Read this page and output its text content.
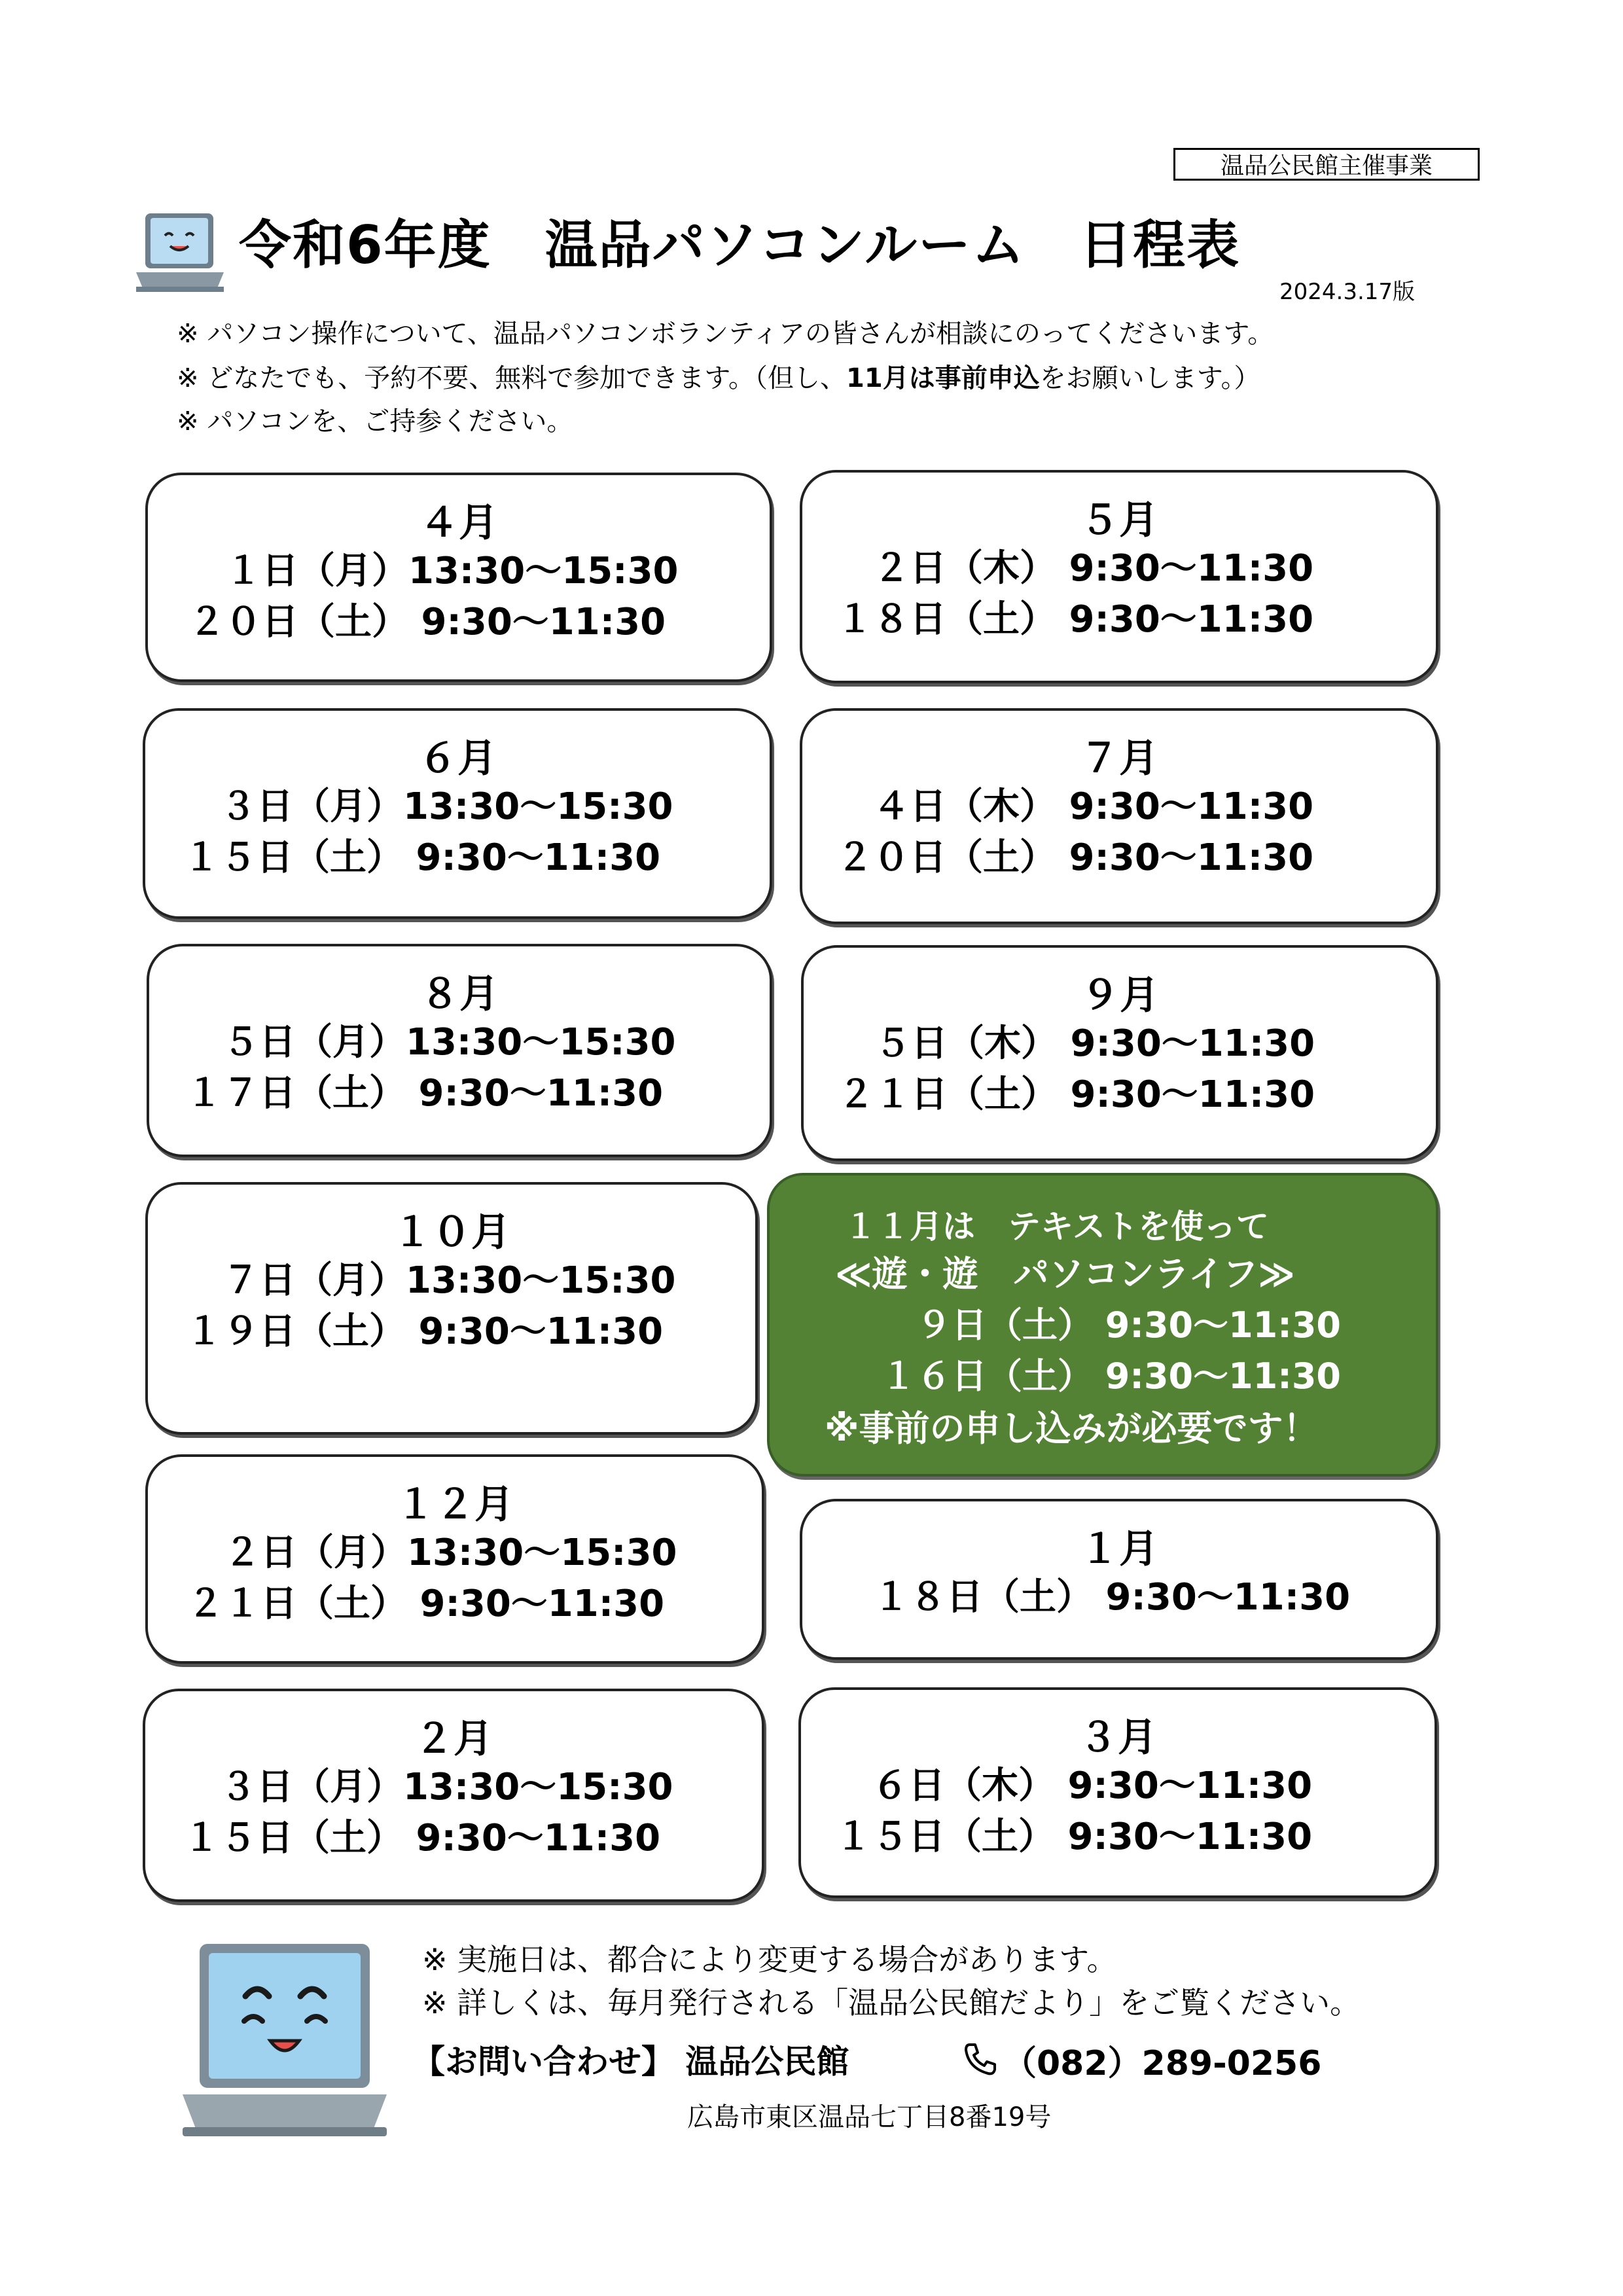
温品公民館主催事業
令和6年度　温品パソコンルーム　日程表
2024.3.17版
※ パソコン操作について、温品パソコンボランティアの皆さんが相談にのってくださいます。
※ どなたでも、予約不要、無料で参加できます。（但し、11月は事前申込をお願いします。）
※ パソコンを、ご持参ください。
４月
　１日（月）13:30～15:30
２０日（土） 9:30～11:30
５月
　２日（木） 9:30～11:30
１８日（土） 9:30～11:30
６月
　３日（月）13:30～15:30
１５日（土） 9:30～11:30
７月
　４日（木） 9:30～11:30
２０日（土） 9:30～11:30
８月
　５日（月）13:30～15:30
１７日（土） 9:30～11:30
９月
　５日（木） 9:30～11:30
２１日（土） 9:30～11:30
１０月
　７日（月）13:30～15:30
１９日（土） 9:30～11:30
１１月は　テキストを使って
≪遊・遊　パソコンライフ≫
　９日（土） 9:30～11:30
１６日（土） 9:30～11:30
※事前の申し込みが必要です！
１２月
　２日（月）13:30～15:30
２１日（土） 9:30～11:30
１月
１８日（土） 9:30～11:30
２月
　３日（月）13:30～15:30
１５日（土） 9:30～11:30
３月
　６日（木） 9:30～11:30
１５日（土） 9:30～11:30
※ 実施日は、都合により変更する場合があります。
※ 詳しくは、毎月発行される「温品公民館だより」をご覧ください。
【お問い合わせ】 温品公民館	（082）289-0256
広島市東区温品七丁目8番19号
